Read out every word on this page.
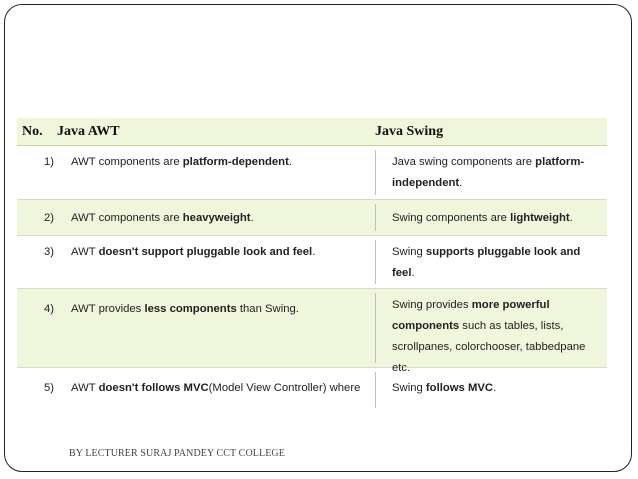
No. Java AWT	Java Swing
1) AWT components are platform-dependent.	Java swing components are platform-independent.
2) AWT components are heavyweight.	Swing components are lightweight.
3) AWT doesn't support pluggable look and feel.	Swing supports pluggable look and feel.
4) AWT provides less components than Swing.	Swing provides more powerful components such as tables, lists, scrollpanes, colorchooser, tabbedpane etc.
5) AWT doesn't follows MVC(Model View Controller) where	Swing follows MVC.
BY LECTURER SURAJ PANDEY CCT COLLEGE
